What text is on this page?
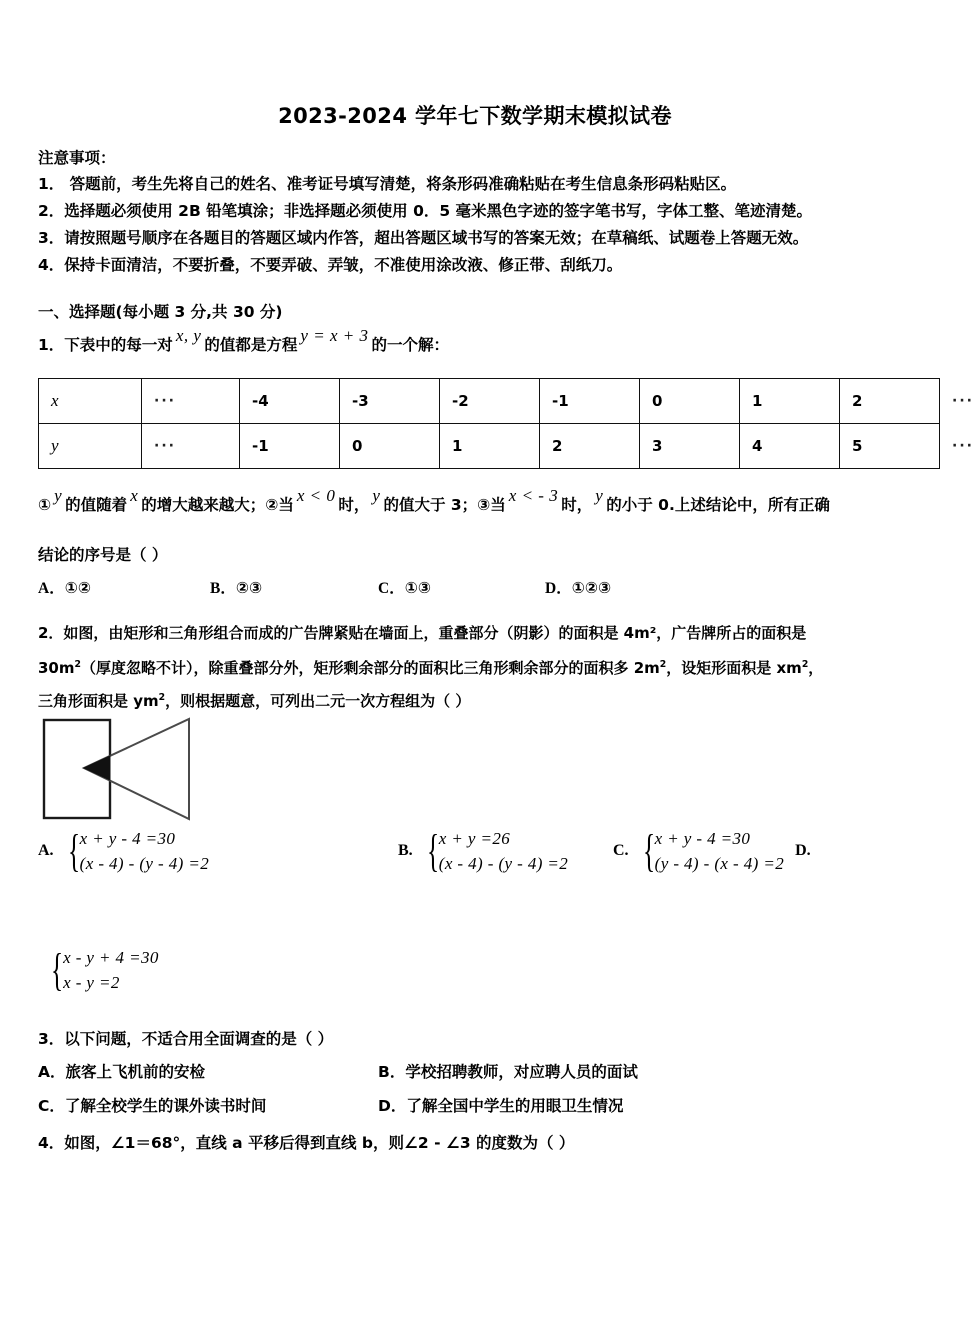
2023-2024 学年七下数学期末模拟试卷
注意事项：
1． 答题前，考生先将自己的姓名、准考证号填写清楚，将条形码准确粘贴在考生信息条形码粘贴区。
2．选择题必须使用 2B 铅笔填涂；非选择题必须使用 0．5 毫米黑色字迹的签字笔书写，字体工整、笔迹清楚。
3．请按照题号顺序在各题目的答题区域内作答，超出答题区域书写的答案无效；在草稿纸、试题卷上答题无效。
4．保持卡面清洁，不要折叠，不要弄破、弄皱，不准使用涂改液、修正带、刮纸刀。
一、选择题(每小题 3 分,共 30 分)
1．下表中的每一对 x, y 的值都是方程 y = x + 3 的一个解：
x	···	-4	-3	-2	-1	0	1	2	···
y	···	-1	0	1	2	3	4	5	···
① y 的值随着 x 的增大越来越大；②当 x < 0 时， y 的值大于 3；③当 x < - 3 时， y 的小于 0.上述结论中，所有正确
结论的序号是（ ）
A．①②	B．②③	C．①③	D．①②③
2．如图，由矩形和三角形组合而成的广告牌紧贴在墙面上，重叠部分（阴影）的面积是 4m²，广告牌所占的面积是
$30m^2$（厚度忽略不计），除重叠部分外，矩形剩余部分的面积比三角形剩余部分的面积多 $2m^2$，设矩形面积是 $xm^2$，
三角形面积是 $ym^2$，则根据题意，可列出二元一次方程组为（ ）
A. { x + y - 4 =30
(x - 4) - (y - 4) =2
B. { x + y =26
(x - 4) - (y - 4) =2
C. { x + y - 4 =30
(y - 4) - (x - 4) =2
D.
{ x - y + 4 =30
x - y =2
3．以下问题，不适合用全面调查的是（ ）
A．旅客上飞机前的安检	B．学校招聘教师，对应聘人员的面试
C．了解全校学生的课外读书时间	D．了解全国中学生的用眼卫生情况
4．如图，∠1＝68°，直线 a 平移后得到直线 b，则∠2 - ∠3 的度数为（ ）
